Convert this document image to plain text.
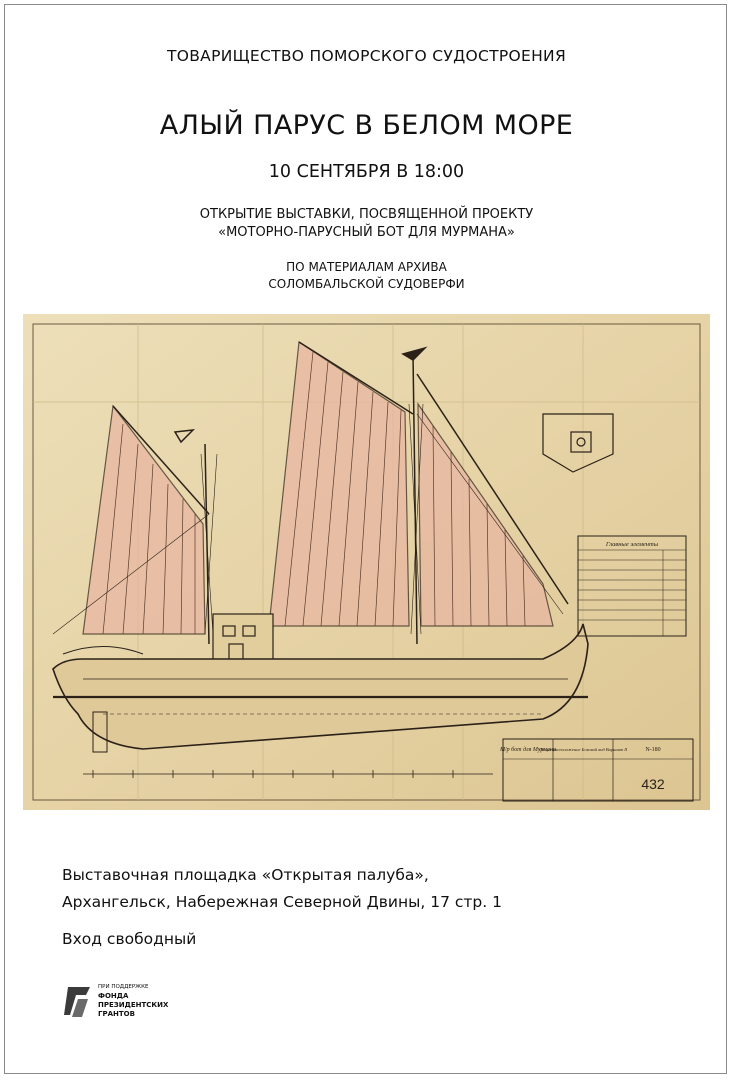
ТОВАРИЩЕСТВО ПОМОРСКОГО СУДОСТРОЕНИЯ
АЛЫЙ ПАРУС В БЕЛОМ МОРЕ
10 СЕНТЯБРЯ В 18:00
ОТКРЫТИЕ ВЫСТАВКИ, ПОСВЯЩЕННОЙ ПРОЕКТУ
«МОТОРНО-ПАРУСНЫЙ БОТ ДЛЯ МУРМАНА»
ПО МАТЕРИАЛАМ АРХИВА
СОЛОМБАЛЬСКОЙ СУДОВЕРФИ
Главные элементы
М/р бот для Мурмана
Общее расположение Боковой вид Вариант II	N-180
432
Выставочная площадка «Открытая палуба»,
Архангельск, Набережная Северной Двины, 17 стр. 1
Вход свободный
ПРИ ПОДДЕРЖКЕ
ФОНДА
ПРЕЗИДЕНТСКИХ
ГРАНТОВ
